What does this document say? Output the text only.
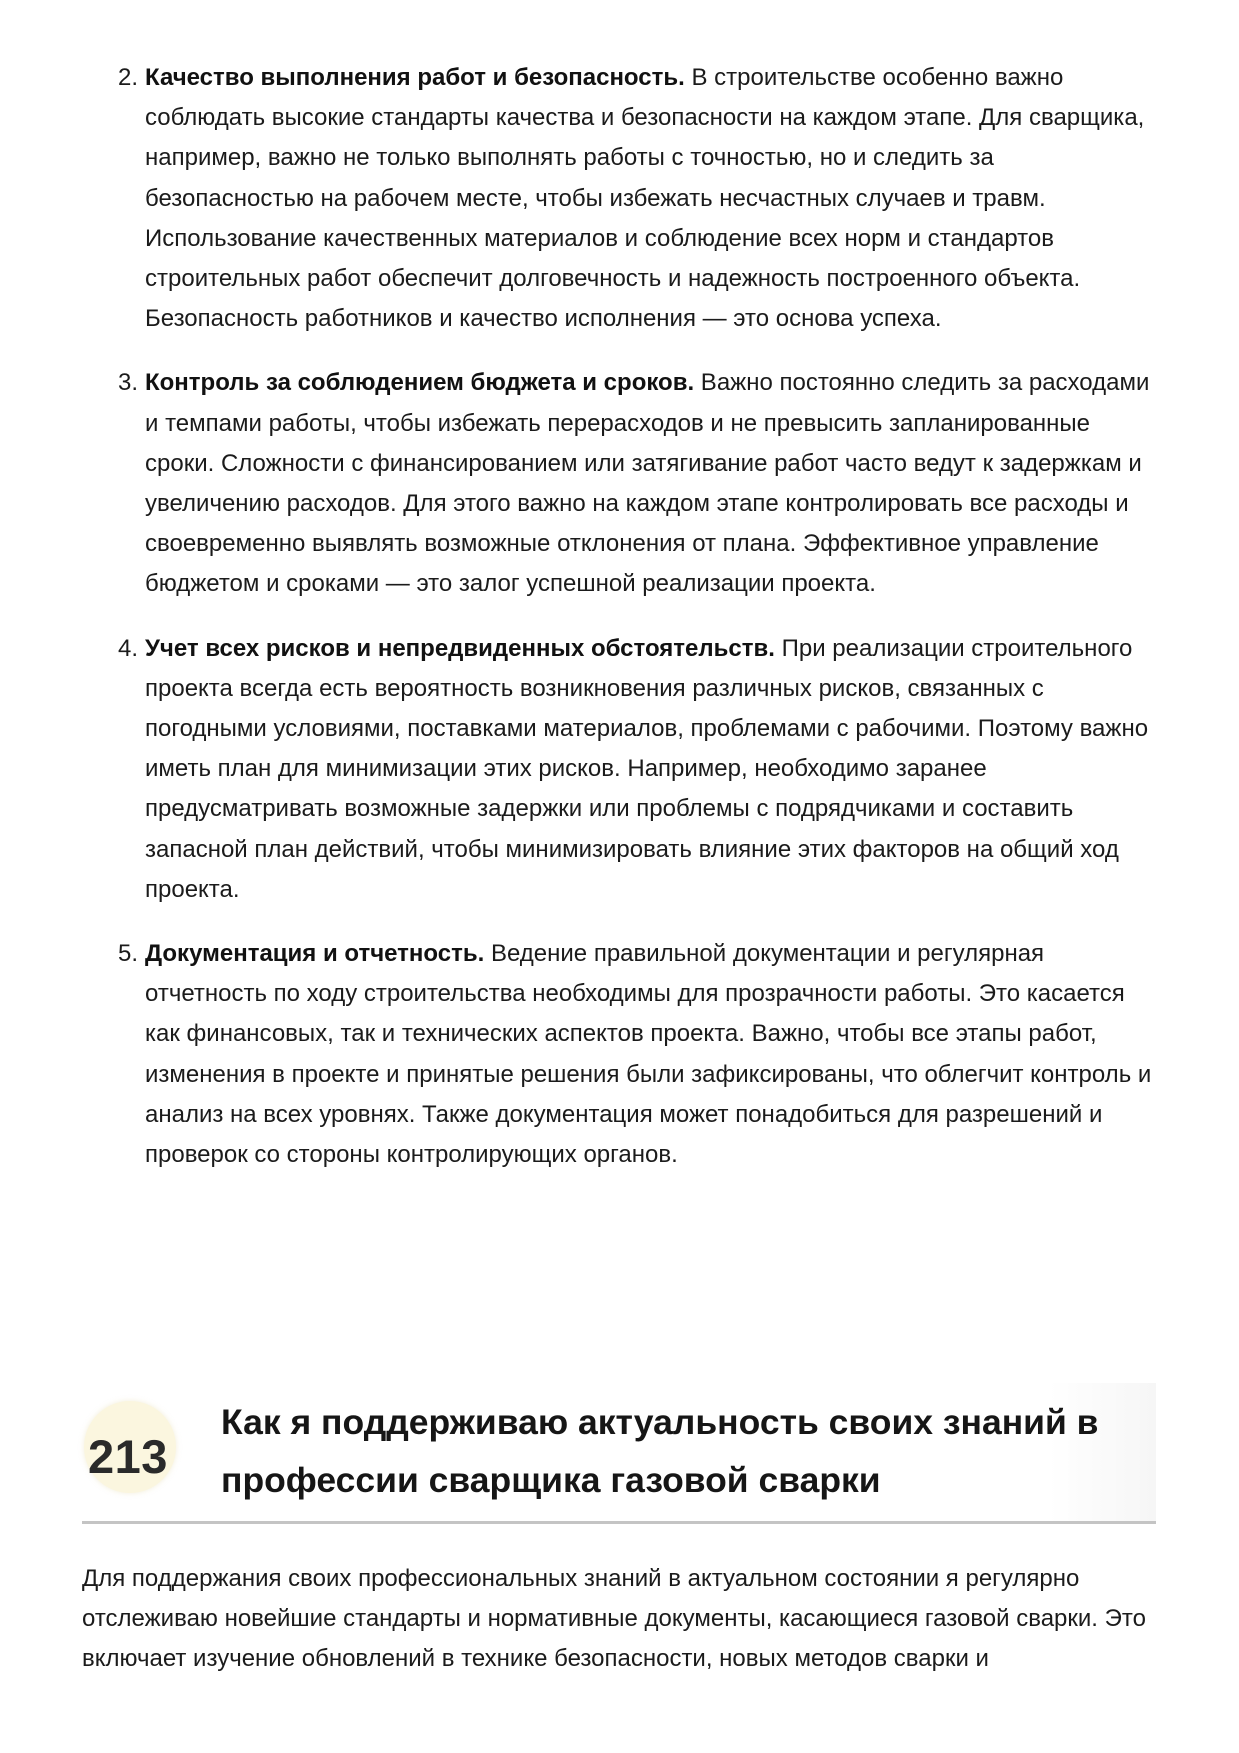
2. Качество выполнения работ и безопасность. В строительстве особенно важно соблюдать высокие стандарты качества и безопасности на каждом этапе. Для сварщика, например, важно не только выполнять работы с точностью, но и следить за безопасностью на рабочем месте, чтобы избежать несчастных случаев и травм. Использование качественных материалов и соблюдение всех норм и стандартов строительных работ обеспечит долговечность и надежность построенного объекта. Безопасность работников и качество исполнения — это основа успеха.
3. Контроль за соблюдением бюджета и сроков. Важно постоянно следить за расходами и темпами работы, чтобы избежать перерасходов и не превысить запланированные сроки. Сложности с финансированием или затягивание работ часто ведут к задержкам и увеличению расходов. Для этого важно на каждом этапе контролировать все расходы и своевременно выявлять возможные отклонения от плана. Эффективное управление бюджетом и сроками — это залог успешной реализации проекта.
4. Учет всех рисков и непредвиденных обстоятельств. При реализации строительного проекта всегда есть вероятность возникновения различных рисков, связанных с погодными условиями, поставками материалов, проблемами с рабочими. Поэтому важно иметь план для минимизации этих рисков. Например, необходимо заранее предусматривать возможные задержки или проблемы с подрядчиками и составить запасной план действий, чтобы минимизировать влияние этих факторов на общий ход проекта.
5. Документация и отчетность. Ведение правильной документации и регулярная отчетность по ходу строительства необходимы для прозрачности работы. Это касается как финансовых, так и технических аспектов проекта. Важно, чтобы все этапы работ, изменения в проекте и принятые решения были зафиксированы, что облегчит контроль и анализ на всех уровнях. Также документация может понадобиться для разрешений и проверок со стороны контролирующих органов.
213
Как я поддерживаю актуальность своих знаний в профессии сварщика газовой сварки

Для поддержания своих профессиональных знаний в актуальном состоянии я регулярно отслеживаю новейшие стандарты и нормативные документы, касающиеся газовой сварки. Это включает изучение обновлений в технике безопасности, новых методов сварки и
